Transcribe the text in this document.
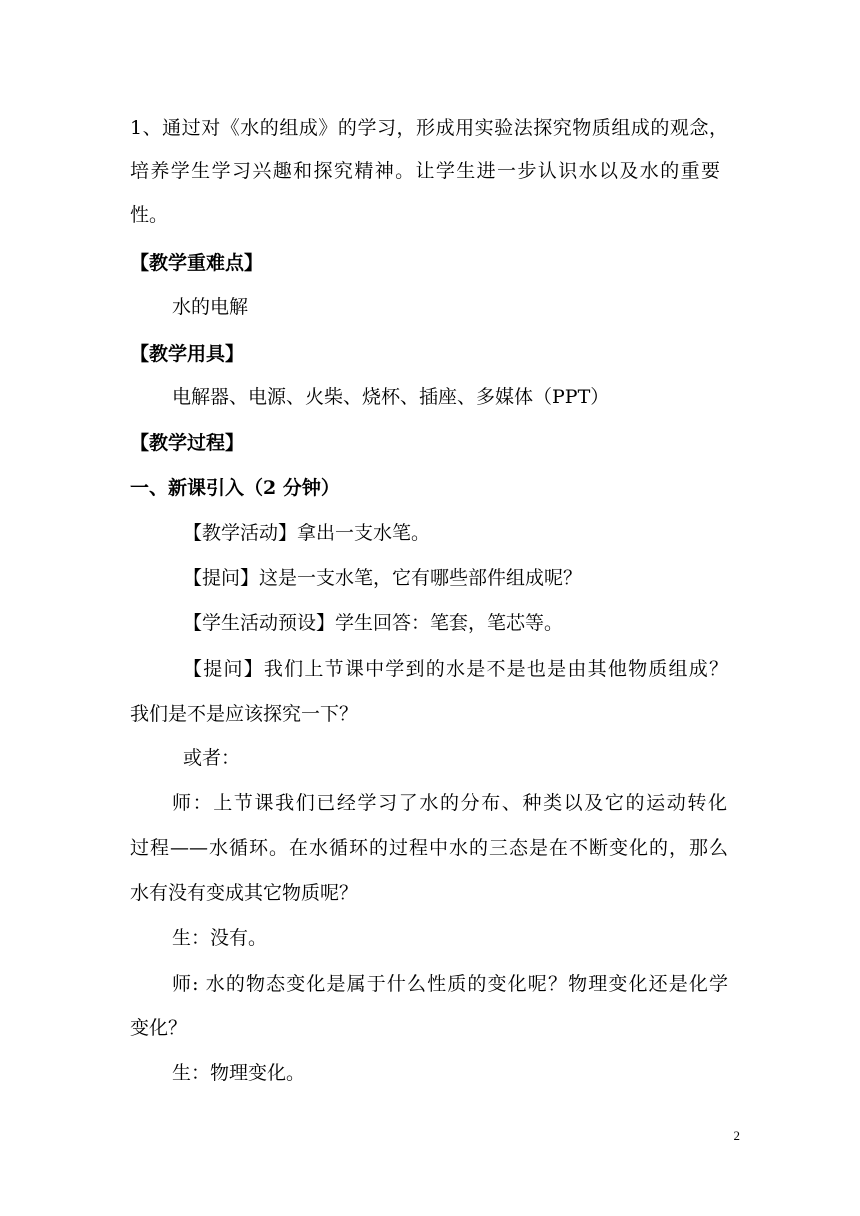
1、通过对《水的组成》的学习，形成用实验法探究物质组成的观念，
培养学生学习兴趣和探究精神。让学生进一步认识水以及水的重要
性。
【教学重难点】
水的电解
【教学用具】
电解器、电源、火柴、烧杯、插座、多媒体（PPT）
【教学过程】
一、新课引入（2 分钟）
【教学活动】拿出一支水笔。
【提问】这是一支水笔，它有哪些部件组成呢？
【学生活动预设】学生回答：笔套，笔芯等。
【提问】我们上节课中学到的水是不是也是由其他物质组成？
我们是不是应该探究一下？
或者：
师：上节课我们已经学习了水的分布、种类以及它的运动转化
过程——水循环。在水循环的过程中水的三态是在不断变化的，那么
水有没有变成其它物质呢？
生：没有。
师: 水的物态变化是属于什么性质的变化呢？物理变化还是化学
变化？
生：物理变化。
2
